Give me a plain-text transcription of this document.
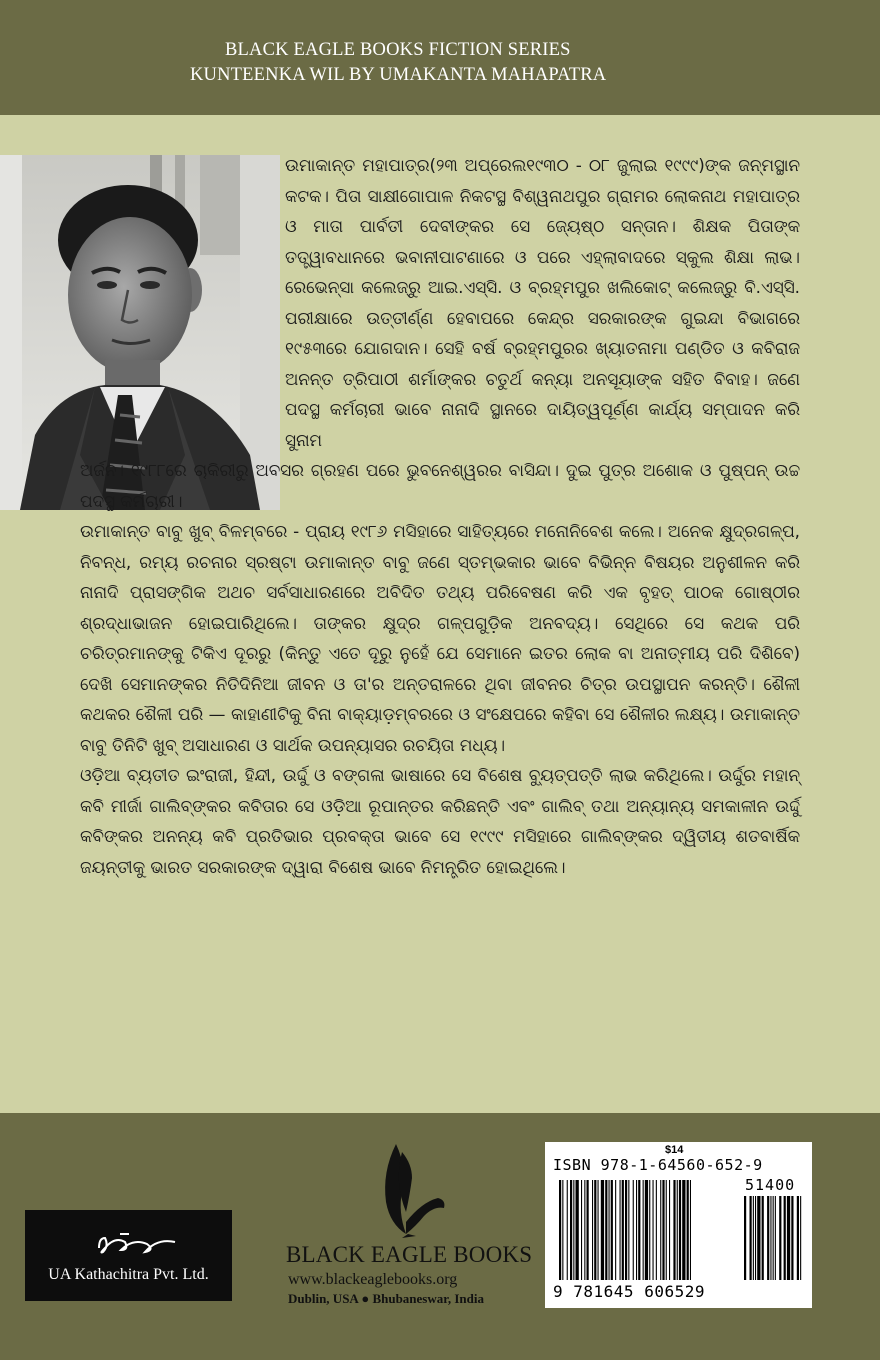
BLACK EAGLE BOOKS FICTION SERIES
KUNTEENKA WIL BY UMAKANTA MAHAPATRA

ଉମାକାନ୍ତ ମହାପାତ୍ର(୨୩ ଅପ୍ରେଲ୧୯୩୦ - ୦୮ ଜୁଲାଇ ୧୯୯୯)ଙ୍କ ଜନ୍ମସ୍ଥାନ କଟକ। ପିତା ସାକ୍ଷୀଗୋପାଳ ନିକଟସ୍ଥ ବିଶ୍ୱନାଥପୁର ଗ୍ରାମର ଲୋକନାଥ ମହାପାତ୍ର ଓ ମାତା ପାର୍ବତୀ ଦେବୀଙ୍କର ସେ ଜ୍ୟେଷ୍ଠ ସନ୍ତାନ। ଶିକ୍ଷକ ପିତାଙ୍କ ତତ୍ତ୍ୱାବଧାନରେ ଭବାନୀପାଟଣାରେ ଓ ପରେ ଏହ୍ଲାବାଦରେ ସ୍କୁଲ ଶିକ୍ଷା ଲାଭ। ରେଭେନ୍ସା କଲେଜ୍‌ରୁ ଆଇ.ଏସ୍‌ସି. ଓ ବ୍ରହ୍ମପୁର ଖଲିକୋଟ୍ କଲେଜ୍‌ରୁ ବି.ଏସ୍‌ସି. ପରୀକ୍ଷାରେ ଉତ୍ତୀର୍ଣ୍ଣ ହେବାପରେ କେନ୍ଦ୍ର ସରକାରଙ୍କ ଗୁଇନ୍ଦା ବିଭାଗରେ ୧୯୫୩ରେ ଯୋଗଦାନ। ସେହି ବର୍ଷ ବ୍ରହ୍ମପୁରର ଖ୍ୟାତନାମା ପଣ୍ଡିତ ଓ କବିରାଜ ଅନନ୍ତ ତ୍ରିପାଠୀ ଶର୍ମାଙ୍କର ଚତୁର୍ଥ କନ୍ୟା ଅନସୂୟାଙ୍କ ସହିତ ବିବାହ। ଜଣେ ପଦସ୍ଥ କର୍ମଚାରୀ ଭାବେ ନାନାଦି ସ୍ଥାନରେ ଦାୟିତ୍ୱପୂର୍ଣ୍ଣ କାର୍ଯ୍ୟ ସମ୍ପାଦନ କରି ସୁନାମ

ଅର୍ଜନ। ୧୯୮୮ରେ ଚାକିରୀରୁ ଅବସର ଗ୍ରହଣ ପରେ ଭୁବନେଶ୍ୱରର ବାସିନ୍ଦା। ଦୁଇ ପୁତ୍ର ଅଶୋକ ଓ ପୁଷ୍ପନ୍ ଉଚ୍ଚ ପଦସ୍ଥ କର୍ମଚାରୀ।

ଉମାକାନ୍ତ ବାବୁ ଖୁବ୍ ବିଳମ୍ବରେ - ପ୍ରାୟ ୧୯୮୬ ମସିହାରେ ସାହିତ୍ୟରେ ମନୋନିବେଶ କଲେ। ଅନେକ କ୍ଷୁଦ୍ରଗଳ୍ପ, ନିବନ୍ଧ, ରମ୍ୟ ରଚନାର ସ୍ରଷ୍ଟା ଉମାକାନ୍ତ ବାବୁ ଜଣେ ସ୍ତମ୍ଭକାର ଭାବେ ବିଭିନ୍ନ ବିଷୟର ଅନୁଶୀଳନ କରି ନାନାଦି ପ୍ରାସଙ୍ଗିକ ଅଥଚ ସର୍ବସାଧାରଣରେ ଅବିଦିତ ତଥ୍ୟ ପରିବେଷଣ କରି ଏକ ବୃହତ୍ ପାଠକ ଗୋଷ୍ଠୀର ଶ୍ରଦ୍ଧାଭାଜନ ହୋଇପାରିଥିଲେ। ତାଙ୍କର କ୍ଷୁଦ୍ର ଗଳ୍ପଗୁଡ଼ିକ ଅନବଦ୍ୟ। ସେଥିରେ ସେ କଥକ ପରି ଚରିତ୍ରମାନଙ୍କୁ ଟିକିଏ ଦୂରରୁ (କିନ୍ତୁ ଏତେ ଦୂରୁ ନୁହେଁ ଯେ ସେମାନେ ଇତର ଲୋକ ବା ଅନାତ୍ମୀୟ ପରି ଦିଶିବେ) ଦେଖି ସେମାନଙ୍କର ନିତିଦିନିଆ ଜୀବନ ଓ ତା'ର ଅନ୍ତରାଳରେ ଥିବା ଜୀବନର ଚିତ୍ର ଉପସ୍ଥାପନ କରନ୍ତି। ଶୈଳୀ କଥକର ଶୈଳୀ ପରି — କାହାଣୀଟିକୁ ବିନା ବାକ୍ୟାଡ଼ମ୍ବରରେ ଓ ସଂକ୍ଷେପରେ କହିବା ସେ ଶୈଳୀର ଲକ୍ଷ୍ୟ। ଉମାକାନ୍ତ ବାବୁ ତିନିଟି ଖୁବ୍ ଅସାଧାରଣ ଓ ସାର୍ଥକ ଉପନ୍ୟାସର ରଚୟିତା ମଧ୍ୟ।

ଓଡ଼ିଆ ବ୍ୟତୀତ ଇଂରାଜୀ, ହିନ୍ଦୀ, ଉର୍ଦ୍ଦୁ ଓ ବଙ୍ଗଳା ଭାଷାରେ ସେ ବିଶେଷ ବ୍ୟୁତ୍ପତ୍ତି ଲାଭ କରିଥିଲେ। ଉର୍ଦ୍ଦୁର ମହାନ୍ କବି ମୀର୍ଜା ଗାଲିବ୍‌ଙ୍କର କବିତାର ସେ ଓଡ଼ିଆ ରୂପାନ୍ତର କରିଛନ୍ତି ଏବଂ ଗାଲିବ୍ ତଥା ଅନ୍ୟାନ୍ୟ ସମକାଳୀନ ଉର୍ଦ୍ଦୁ କବିଙ୍କର ଅନନ୍ୟ କବି ପ୍ରତିଭାର ପ୍ରବକ୍ତା ଭାବେ ସେ ୧୯୯୯ ମସିହାରେ ଗାଲିବ୍‌ଙ୍କର ଦ୍ୱିତୀୟ ଶତବାର୍ଷିକ ଜୟନ୍ତୀକୁ ଭାରତ ସରକାରଙ୍କ ଦ୍ୱାରା ବିଶେଷ ଭାବେ ନିମନ୍ତ୍ରିତ ହୋଇଥିଲେ।

UA Kathachitra Pvt. Ltd.
BLACK EAGLE BOOKS
www.blackeaglebooks.org
Dublin, USA ● Bhubaneswar, India
$14
ISBN 978-1-64560-652-9
51400
9 781645 606529
